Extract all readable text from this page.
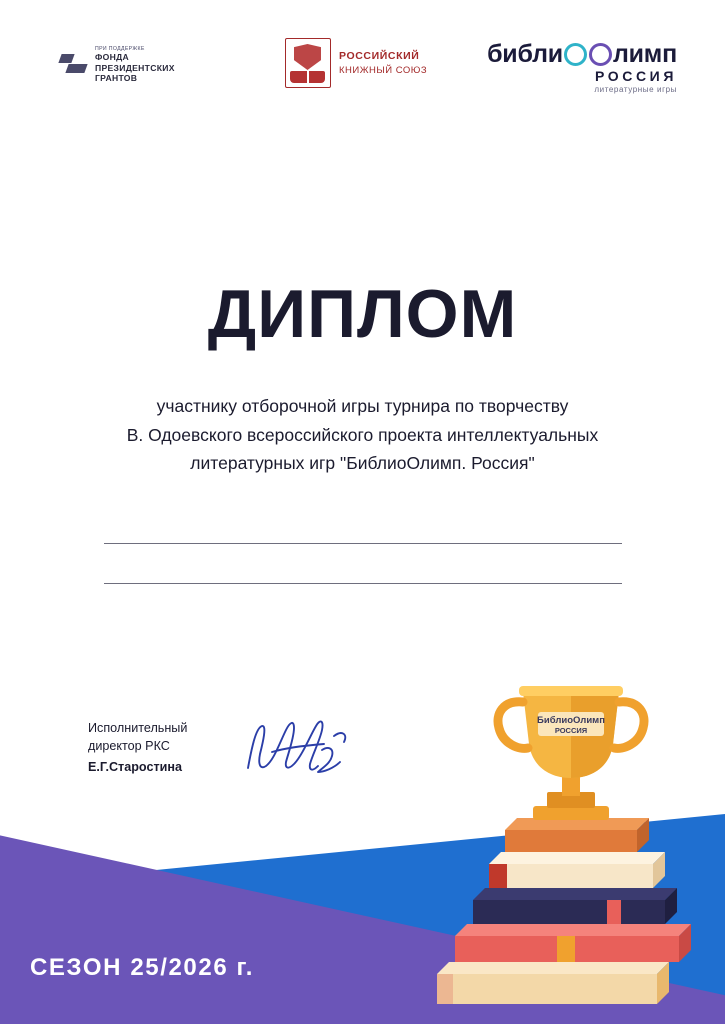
ПРИ ПОДДЕРЖКЕ
ФОНДА
ПРЕЗИДЕНТСКИХ
ГРАНТОВ
РОССИЙСКИЙ
КНИЖНЫЙ СОЮЗ
библи лимп
РОССИЯ
литературные игры
ДИПЛОМ
участнику отборочной игры турнира по творчеству
В. Одоевского всероссийского проекта интеллектуальных
литературных игр "БиблиоОлимп. Россия"
Исполнительный
директор РКС
Е.Г.Старостина
БиблиоОлимп
РОССИЯ
СЕЗОН 25/2026 г.
